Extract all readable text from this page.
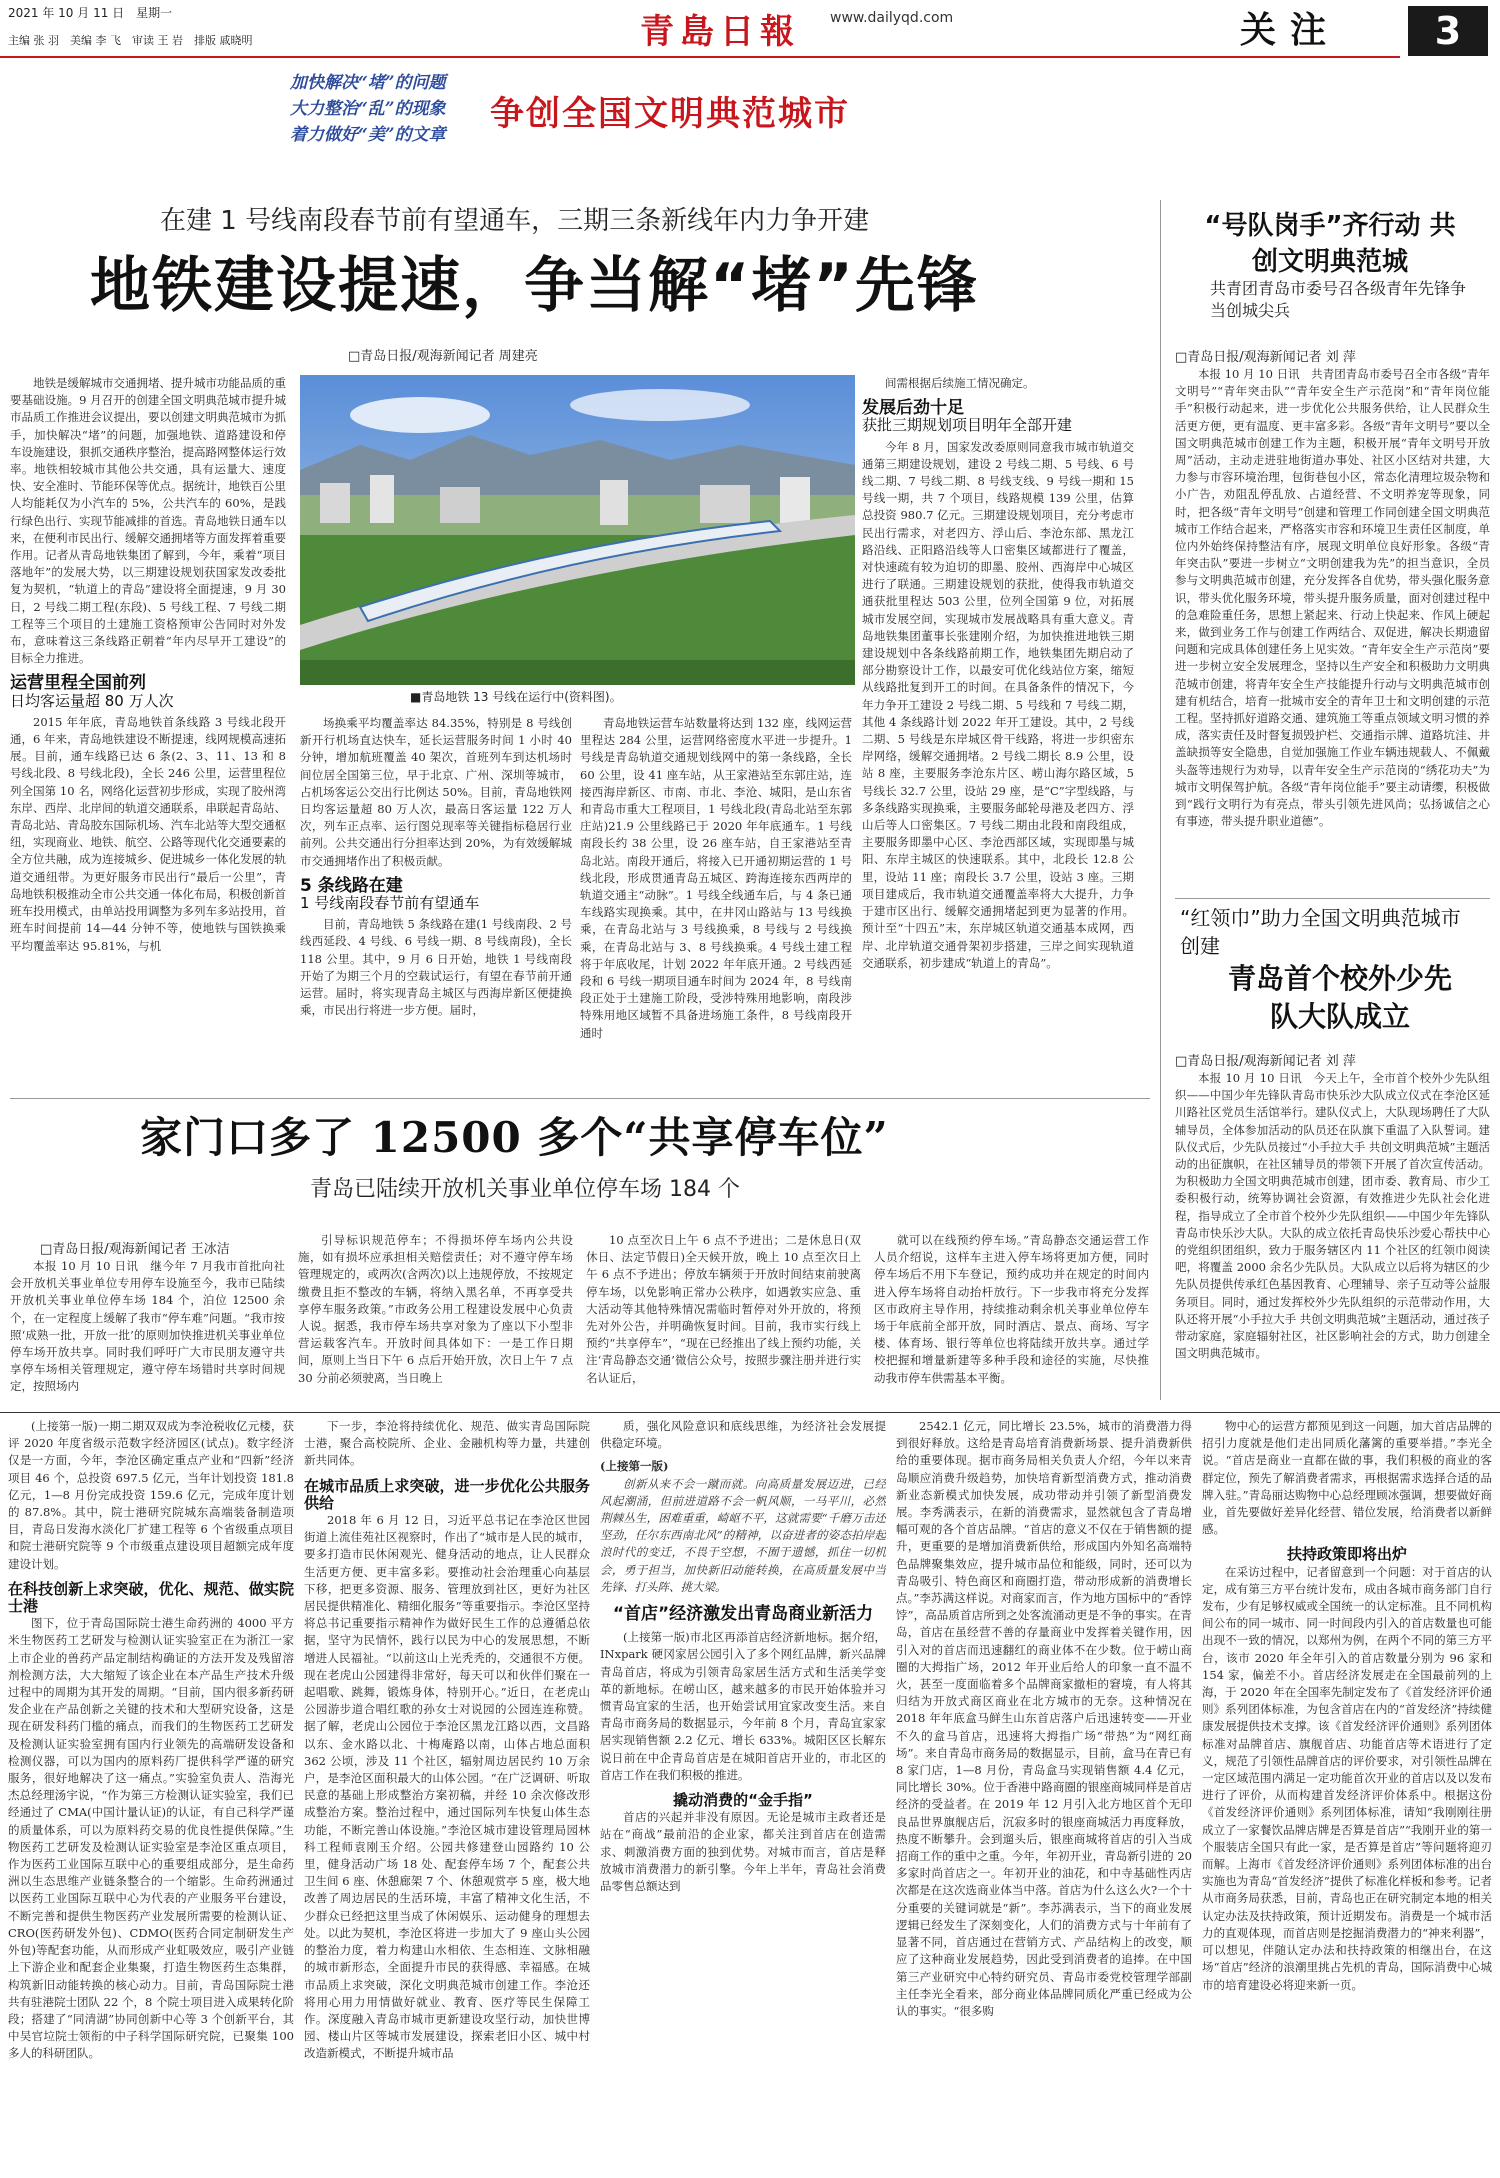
2021 年 10 月 11 日　星期一	青島日報 www.dailyqd.com	关注	3
主编 张 羽　美编 李 飞　审读 王 岩　排版 戚晓明
加快解决“堵”的问题
大力整治“乱”的现象
着力做好“美”的文章
争创全国文明典范城市
在建 1 号线南段春节前有望通车，三期三条新线年内力争开建
地铁建设提速，争当解“堵”先锋
□青岛日报/观海新闻记者 周建亮

地铁是缓解城市交通拥堵、提升城市功能品质的重要基础设施。9 月召开的创建全国文明典范城市提升城市品质工作推进会议提出，要以创建文明典范城市为抓手，加快解决“堵”的问题，加强地铁、道路建设和停车设施建设，狠抓交通秩序整治，提高路网整体运行效率。地铁相较城市其他公共交通，具有运量大、速度快、安全准时、节能环保等优点。据统计，地铁百公里人均能耗仅为小汽车的 5%，公共汽车的 60%，是践行绿色出行、实现节能减排的首选。青岛地铁日通车以来，在便利市民出行、缓解交通拥堵等方面发挥着重要作用。记者从青岛地铁集团了解到，今年，乘着“项目落地年”的发展大势，以三期建设规划获国家发改委批复为契机，“轨道上的青岛”建设将全面提速，9 月 30 日，2 号线二期工程(东段)、5 号线工程、7 号线二期工程等三个项目的土建施工资格预审公告同时对外发布，意味着这三条线路正朝着“年内尽早开工建设”的目标全力推进。

运营里程全国前列
日均客运量超 80 万人次

2015 年年底，青岛地铁首条线路 3 号线北段开通，6 年来，青岛地铁建设不断提速，线网规模高速拓展。目前，通车线路已达 6 条(2、3、11、13 和 8 号线北段、8 号线北段)，全长 246 公里，运营里程位列全国第 10 名，网络化运营初步形成，实现了胶州湾东岸、西岸、北岸间的轨道交通联系，串联起青岛站、青岛北站、青岛胶东国际机场、汽车北站等大型交通枢纽，实现商业、地铁、航空、公路等现代化交通要素的全方位共融，成为连接城乡、促进城乡一体化发展的轨道交通纽带。为更好服务市民出行“最后一公里”，青岛地铁积极推动全市公共交通一体化布局，积极创新首班车投用模式，由单站投用调整为多列车多站投用，首班车时间提前 14—44 分钟不等，使地铁与国铁换乘平均覆盖率达 95.81%，与机

■青岛地铁 13 号线在运行中(资料图)。

场换乘平均覆盖率达 84.35%，特别是 8 号线创新开行机场直达快车，延长运营服务时间 1 小时 40 分钟，增加航班覆盖 40 架次，首班列车到达机场时间位居全国第三位，早于北京、广州、深圳等城市，占机场客运公交出行比例达 50%。目前，青岛地铁网日均客运量超 80 万人次，最高日客运量 122 万人次，列车正点率、运行图兑现率等关键指标稳居行业前列。公共交通出行分担率达到 20%，为有效缓解城市交通拥堵作出了积极贡献。

5 条线路在建
1 号线南段春节前有望通车

目前，青岛地铁 5 条线路在建(1 号线南段、2 号线西延段、4 号线、6 号线一期、8 号线南段)，全长 118 公里。其中，9 月 6 日开始，地铁 1 号线南段开始了为期三个月的空载试运行，有望在春节前开通运营。届时，将实现青岛主城区与西海岸新区便捷换乘，市民出行将进一步方便。届时，

青岛地铁运营车站数量将达到 132 座，线网运营里程达 284 公里，运营网络密度水平进一步提升。1 号线是青岛轨道交通规划线网中的第一条线路，全长 60 公里，设 41 座车站，从王家港站至东郭庄站，连接西海岸新区、市南、市北、李沧、城阳，是山东省和青岛市重大工程项目，1 号线北段(青岛北站至东郭庄站)21.9 公里线路已于 2020 年年底通车。1 号线南段长约 38 公里，设 26 座车站，自王家港站至青岛北站。南段开通后，将接入已开通初期运营的 1 号线北段，形成贯通青岛五城区、跨海连接东西两岸的轨道交通主“动脉”。1 号线全线通车后，与 4 条已通车线路实现换乘。其中，在井冈山路站与 13 号线换乘，在青岛北站与 3 号线换乘，8 号线与 2 号线换乘，在青岛北站与 3、8 号线换乘。4 号线土建工程将于年底收尾，计划 2022 年年底开通。2 号线西延段和 6 号线一期项目通车时间为 2024 年，8 号线南段正处于土建施工阶段，受涉特殊用地影响，南段涉特殊用地区域暂不具备进场施工条件，8 号线南段开通时

间需根据后续施工情况确定。

发展后劲十足
获批三期规划项目明年全部开建

今年 8 月，国家发改委原则同意我市城市轨道交通第三期建设规划，建设 2 号线二期、5 号线、6 号线二期、7 号线二期、8 号线支线、9 号线一期和 15 号线一期，共 7 个项目，线路规模 139 公里，估算总投资 980.7 亿元。三期建设规划项目，充分考虑市民出行需求，对老四方、浮山后、李沧东部、黑龙江路沿线、正阳路沿线等人口密集区域都进行了覆盖，对快速疏有较为迫切的即墨、胶州、西海岸中心城区进行了联通。三期建设规划的获批，使得我市轨道交通获批里程达 503 公里，位列全国第 9 位，对拓展城市发展空间，实现城市发展战略具有重大意义。青岛地铁集团董事长张建刚介绍，为加快推进地铁三期建设规划中各条线路前期工作，地铁集团先期启动了部分勘察设计工作，以最安可优化线站位方案，缩短从线路批复到开工的时间。在具备条件的情况下，今年力争开工建设 2 号线二期、5 号线和 7 号线二期，其他 4 条线路计划 2022 年开工建设。其中，2 号线二期、5 号线是东岸城区骨干线路，将进一步织密东岸网络，缓解交通拥堵。2 号线二期长 8.9 公里，设站 8 座，主要服务李沧东片区、崂山海尔路区域，5 号线长 32.7 公里，设站 29 座，是“C”字型线路，与多条线路实现换乘，主要服务邮轮母港及老四方、浮山后等人口密集区。7 号线二期由北段和南段组成，主要服务即墨中心区、李沧西部区域，实现即墨与城阳、东岸主城区的快速联系。其中，北段长 12.8 公里，设站 11 座；南段长 3.7 公里，设站 3 座。三期项目建成后，我市轨道交通覆盖率将大大提升，力争于建市区出行、缓解交通拥堵起到更为显著的作用。预计至“十四五”末，东岸城区轨道交通基本成网，西岸、北岸轨道交通骨架初步搭建，三岸之间实现轨道交通联系，初步建成“轨道上的青岛”。

“号队岗手”齐行动 共创文明典范城
共青团青岛市委号召各级青年先锋争当创城尖兵
□青岛日报/观海新闻记者 刘 萍

本报 10 月 10 日讯　共青团青岛市委号召全市各级“青年文明号”“青年突击队”“青年安全生产示范岗”和“青年岗位能手”积极行动起来，进一步优化公共服务供给，让人民群众生活更方便，更有温度、更丰富多彩。各级“青年文明号”要以全国文明典范城市创建工作为主题，积极开展“青年文明号开放周”活动，主动走进驻地街道办事处、社区小区结对共建，大力参与市容环境治理，包街巷包小区，常态化清理垃圾杂物和小广告，劝阻乱停乱放、占道经营、不文明养宠等现象，同时，把各级“青年文明号”创建和管理工作同创建全国文明典范城市工作结合起来，严格落实市容和环境卫生责任区制度，单位内外始终保持整洁有序，展现文明单位良好形象。各级“青年突击队”要进一步树立“文明创建我为先”的担当意识，全员参与文明典范城市创建，充分发挥各自优势，带头强化服务意识，带头优化服务环境，带头提升服务质量，面对创建过程中的急难险重任务，思想上紧起来、行动上快起来、作风上硬起来，做到业务工作与创建工作两结合、双促进，解决长期遗留问题和完成具体创建任务上见实效。“青年安全生产示范岗”要进一步树立安全发展理念，坚持以生产安全和积极助力文明典范城市创建，将青年安全生产技能提升行动与文明典范城市创建有机结合，培育一批城市安全的青年卫士和文明创建的示范工程。坚持抓好道路交通、建筑施工等重点领域文明习惯的养成，落实责任及时督复损毁护栏、交通指示牌、道路坑洼、井盖缺损等安全隐患，自觉加强施工作业车辆违规载人、不佩戴头盔等违规行为劝导，以青年安全生产示范岗的“绣花功夫”为城市文明保驾护航。各级“青年岗位能手”要主动请缨，积极做到“践行文明行为有亮点，带头引领先进风尚；弘扬诚信之心有事迹，带头提升职业道德”。

“红领巾”助力全国文明典范城市创建
青岛首个校外少先队大队成立
□青岛日报/观海新闻记者 刘 萍

本报 10 月 10 日讯　今天上午，全市首个校外少先队组织——中国少年先锋队青岛市快乐沙大队成立仪式在李沧区延川路社区党员生活馆举行。建队仪式上，大队现场聘任了大队辅导员，全体参加活动的队员还在队旗下重温了入队誓词。建队仪式后，少先队员接过“小手拉大手 共创文明典范城”主题活动的出征旗帜，在社区辅导员的带领下开展了首次宣传活动。为积极助力全国文明典范城市创建，团市委、教育局、市少工委积极行动，统筹协调社会资源，有效推进少先队社会化进程，指导成立了全市首个校外少先队组织——中国少年先锋队青岛市快乐沙大队。大队的成立依托青岛快乐沙爱心帮扶中心的党组织团组织，致力于服务辖区内 11 个社区的红领巾阅读吧，将覆盖 2000 余名少先队员。大队成立以后将为辖区的少先队员提供传承红色基因教育、心理辅导、亲子互动等公益服务项目。同时，通过发挥校外少先队组织的示范带动作用，大队还将开展“小手拉大手 共创文明典范城”主题活动，通过孩子带动家庭，家庭辐射社区，社区影响社会的方式，助力创建全国文明典范城市。

家门口多了 12500 多个“共享停车位”
青岛已陆续开放机关事业单位停车场 184 个
□青岛日报/观海新闻记者 王冰洁

本报 10 月 10 日讯　继今年 7 月我市首批向社会开放机关事业单位专用停车设施至今，我市已陆续开放机关事业单位停车场 184 个，泊位 12500 余个，在一定程度上缓解了我市“停车难”问题。“我市按照‘成熟一批，开放一批’的原则加快推进机关事业单位停车场开放共享。同时我们呼吁广大市民朋友遵守共享停车场相关管理规定，遵守停车场错时共享时间规定，按照场内

引导标识规范停车；不得损坏停车场内公共设施，如有损坏应承担相关赔偿责任；对不遵守停车场管理规定的，或两次(含两次)以上违规停放，不按规定缴费且拒不整改的车辆，将纳入黑名单，不再享受共享停车服务政策。”市政务公用工程建设发展中心负责人说。据悉，我市停车场共享对象为了座以下小型非营运载客汽车。开放时间具体如下：一是工作日期间，原则上当日下午 6 点后开始开放，次日上午 7 点 30 分前必须驶离，当日晚上

10 点至次日上午 6 点不予进出；二是休息日(双休日、法定节假日)全天候开放，晚上 10 点至次日上午 6 点不予进出；停放车辆须于开放时间结束前驶离停车场，以免影响正常办公秩序，如遇敦实应急、重大活动等其他特殊情况需临时暂停对外开放的，将预先对外公告，并明确恢复时间。目前，我市实行线上预约“共享停车”，“现在已经推出了线上预约功能，关注‘青岛静态交通’微信公众号，按照步骤注册并进行实名认证后，

就可以在线预约停车场。”青岛静态交通运营工作人员介绍说，这样车主进入停车场将更加方便，同时停车场后不用下车登记，预约成功并在规定的时间内进入停车场将自动抬杆放行。下一步我市将充分发挥区市政府主导作用，持续推动剩余机关事业单位停车场于年底前全部开放，同时酒店、景点、商场、写字楼、体育场、银行等单位也将陆续开放共享。通过学校把握和增量新建等多种手段和途径的实施，尽快推动我市停车供需基本平衡。

(上接第一版)一期二期双双成为李沧税收亿元楼，获评 2020 年度省级示范数字经济园区(试点)。数字经济仅是一方面，今年，李沧区确定重点产业和“四新”经济项目 46 个，总投资 697.5 亿元，当年计划投资 181.8 亿元，1—8 月份完成投资 159.6 亿元，完成年度计划的 87.8%。其中，院士港研究院城东高端装备制造项目，青岛日发海水淡化厂扩建工程等 6 个省级重点项目和院士港研究院等 9 个市级重点建设项目超额完成年度建设计划。

在科技创新上求突破，优化、规范、做实院士港

图下，位于青岛国际院士港生命药洲的 4000 平方米生物医药工艺研发与检测认证实验室正在为浙江一家上市企业的兽药产品定制结构确证的方法开发及残留溶剂检测方法，大大缩短了该企业在本产品生产技术升级过程中的周期为其开发的周期。“目前，国内很多新药研发企业在产品创新之关键的技术和大型研究设备，这是现在研发科药门槛的痛点，而我们的生物医药工艺研发及检测认证实验室拥有国内行业领先的高端研发设备和检测仪器，可以为国内的原料药厂提供科学严谨的研究服务，很好地解决了这一痛点。”实验室负责人、浩海光杰总经理汤宇说，“作为第三方检测认证实验室，我们已经通过了 CMA(中国计量认证)的认证，有自己科学严谨的质量体系，可以为原料药交易的优良性提供保障。”生物医药工艺研发及检测认证实验室是李沧区重点项目，作为医药工业国际互联中心的重要组成部分，是生命药洲以生态思维产业链条整合的一个缩影。生命药洲通过以医药工业国际互联中心为代表的产业服务平台建设，不断完善和提供生物医药产业发展所需要的检测认证、CRO(医药研发外包)、CDMO(医药合同定制研发生产外包)等配套功能，从而形成产业虹吸效应，吸引产业链上下游企业和配套企业集聚，打造生物医药生态集群，构筑新旧动能转换的核心动力。目前，青岛国际院士港共有驻港院士团队 22 个，8 个院士项目进入成果转化阶段；搭建了“同清湖”协同创新中心等 3 个创新平台，其中吴官垃院士领衔的中子科学国际研究院，已聚集 100 多人的科研团队。

下一步，李沧将持续优化、规范、做实青岛国际院士港，聚合高校院所、企业、金融机构等力量，共建创新共同体。

在城市品质上求突破，进一步优化公共服务供给

2018 年 6 月 12 日，习近平总书记在李沧区世园街道上流佳苑社区视察时，作出了“城市是人民的城市，要多打造市民休闲观光、健身活动的地点，让人民群众生活更方便、更丰富多彩。要推动社会治理重心向基层下移，把更多资源、服务、管理放到社区，更好为社区居民提供精准化、精细化服务”等重要指示。李沧区坚持将总书记重要指示精神作为做好民生工作的总遵循总依据，坚守为民情怀，践行以民为中心的发展思想，不断增进人民福祉。“以前这山上光秃秃的，交通很不方便。现在老虎山公园建得非常好，每天可以和伙伴们聚在一起唱歌、跳舞，锻炼身体，特别开心。”近日，在老虎山公园游步道合唱红歌的孙女士对说园的公园连连称赞。据了解，老虎山公园位于李沧区黑龙江路以西，文昌路以东、金水路以北、十梅庵路以南，山体占地总面积 362 公顷，涉及 11 个社区，辐射周边居民约 10 万余户，是李沧区面积最大的山体公园。“在广泛调研、听取民意的基础上形成整治方案初稿，并经 10 余次修改形成整治方案。整治过程中，通过国际列车快复山体生态功能，不断完善山体设施。”李沧区城市建设管理局园林科工程师袁刚玉介绍。公园共修建登山园路约 10 公里，健身活动广场 18 处、配套停车场 7 个，配套公共卫生间 6 座、休憩廊架 7 个、休憩观赏亭 5 座，极大地改善了周边居民的生活环境，丰富了精神文化生活，不少群众已经把这里当成了休闲娱乐、运动健身的理想去处。以此为契机，李沧区将进一步加大了 9 座山头公园的整治力度，着力构建山水相依、生态相连、文脉相融的城市新形态，全面提升市民的获得感、幸福感。在城市品质上求突破，深化文明典范城市创建工作。李沧还将用心用力用情做好就业、教育、医疗等民生保障工作。深度融入青岛市城市更新建设攻坚行动，加快世博园、楼山片区等城市发展建设，探索老旧小区、城中村改造新模式，不断提升城市品

质，强化风险意识和底线思维，为经济社会发展提供稳定环境。

(上接第一版)

创新从来不会一蹴而就。向高质量发展迈进，已经风起潮涌，但前进道路不会一帆风顺，一马平川，必然荆棘丛生，困难重重，崎岖不平，这就需要“千磨万击还坚劲，任尔东西南北风”的精神，以奋进者的姿态拍岸起浪时代的变迁，不畏于空想，不囿于遗憾，抓住一切机会，勇于担当，加快新旧动能转换，在高质量发展中当先锋、打头阵、挑大梁。

“首店”经济激发出青岛商业新活力

(上接第一版)市北区再添首店经济新地标。据介绍，INxpark 硬冈家居公园引入了多个网红品牌，新兴品牌青岛首店，将成为引领青岛家居生活方式和生活美学变革的新地标。在崂山区，越来越多的市民开始体验并习惯青岛宜家的生活，也开始尝试用宜家改变生活。来自青岛市商务局的数据显示，今年前 8 个月，青岛宜家家居实现销售额 2.2 亿元、增长 633%。城阳区区长解东说日前在中企青岛首店是在城阳首店开业的，市北区的首店工作在我们积极的推进。

撬动消费的“金手指”

首店的兴起并非没有原因。无论是城市主政者还是站在“商战”最前沿的企业家，都关注到首店在创造需求、刺激消费方面的独到优势。对城市而言，首店是释放城市消费潜力的新引擎。今年上半年，青岛社会消费品零售总额达到

2542.1 亿元，同比增长 23.5%，城市的消费潜力得到很好释放。这给是青岛培育消费新场景、提升消费新供给的重要体现。据市商务局相关负责人介绍，今年以来青岛顺应消费升级趋势，加快培育新型消费方式，推动消费新业态新模式加快发展，成功带动并引领了新型消费发展。李秀满表示，在新的消费需求，显然就包含了青岛增幅可观的各个首店品牌。“首店的意义不仅在于销售额的提升，更重要的是增加消费新供给，形成国内外知名高端特色品牌聚集效应，提升城市品位和能级，同时，还可以为青岛吸引、特色商区和商圈打造，带动形成新的消费增长点。”李苏满这样说。对商家而言，作为地方国标中的“香饽饽”，高品质首店所到之处客流涌动更是不争的事实。在青岛，首店在虽经营不善的存量商业中发挥着关键作用，因引入对的首店而迅速翻红的商业体不在少数。位于崂山商圈的大拇指广场，2012 年开业后给人的印象一直不温不火，甚至一度面临着多个品牌商家撤柜的窘境，有人将其归结为开放式商区商业在北方城市的无奈。这种情况在 2018 年年底盒马鲜生山东首店落户后迅速转变——开业不久的盒马首店，迅速将大拇指广场“带热”为“网红商场”。来自青岛市商务局的数据显示，目前，盒马在青已有 8 家门店，1—8 月份，青岛盒马实现销售额 4.4 亿元，同比增长 30%。位于香港中路商圈的银座商城同样是首店经济的受益者。在 2019 年 12 月引入北方地区首个无印良品世界旗舰店后，沉寂多时的银座商城活力再度释放，热度不断攀升。会到遛头后，银座商城将首店的引入当成招商工作的重中之重。今年，年初开业，青岛新引进的 20 多家时尚首店之一。年初开业的油花，和中寺基础性丙店次都是在这次选商业体当中落。首店为什么这么火?一个十分重要的关键词就是“新”。李苏满表示，当下的商业发展逻辑已经发生了深刻变化，人们的消费方式与十年前有了显著不同，首店通过在营销方式、产品结构上的改变，顺应了这种商业发展趋势，因此受到消费者的追捧。在中国第三产业研究中心特约研究员、青岛市委党校管理学部副主任李光全看来，部分商业体品牌同质化严重已经成为公认的事实。“很多购

物中心的运营方都预见到这一问题，加大首店品牌的招引力度就是他们走出同质化藩篱的重要举措。”李光全说。“首店是商业一直都在做的事，我们积极的商业的客群定位，预先了解消费者需求，再根据需求选择合适的品牌入驻。”青岛丽达购物中心总经理顾冰强调，想要做好商业，首先要做好差异化经营、错位发展，给消费者以新鲜感。

扶持政策即将出炉

在采访过程中，记者留意到一个问题：对于首店的认定，成有第三方平台统计发布，成由各城市商务部门自行发布，少有足够权威或全国统一的认定标准。且不同机构间公布的同一城市、同一时间段内引入的首店数量也可能出现不一致的情况，以郑州为例，在两个不同的第三方平台，该市 2020 年全年引入的首店数量分别为 96 家和 154 家，偏差不小。首店经济发展走在全国最前列的上海，于 2020 年在全国率先制定发布了《首发经济评价通则》系列团体标准，为包含首店在内的“首发经济”持续健康发展提供技术支撑。该《首发经济评价通则》系列团体标准对品牌首店、旗舰首店、功能首店等术语进行了定义，规范了引领性品牌首店的评价要求，对引领性品牌在一定区域范围内满足一定功能首次开业的首店以及以发布进行了评价，从而构建首发经济评价体系中。根据这份《首发经济评价通则》系列团体标准，请知“我刚刚往册成立了一家餐饮品牌店牌是否算是首店”“我刚开业的第一个服装店全国只有此一家，是否算是首店”等问题将迎刃而解。上海市《首发经济评价通则》系列团体标准的出台实施也为青岛“首发经济”提供了标准化样板和参考。记者从市商务局获悉，目前，青岛也正在研究制定本地的相关认定办法及扶持政策，预计近期发布。消费是一个城市活力的直观体现，而首店则是挖掘消费潜力的“神来利器”，可以想见，伴随认定办法和扶持政策的相继出台，在这场“首店”经济的浪潮里挑占先机的青岛，国际消费中心城市的培育建设必将迎来新一页。
